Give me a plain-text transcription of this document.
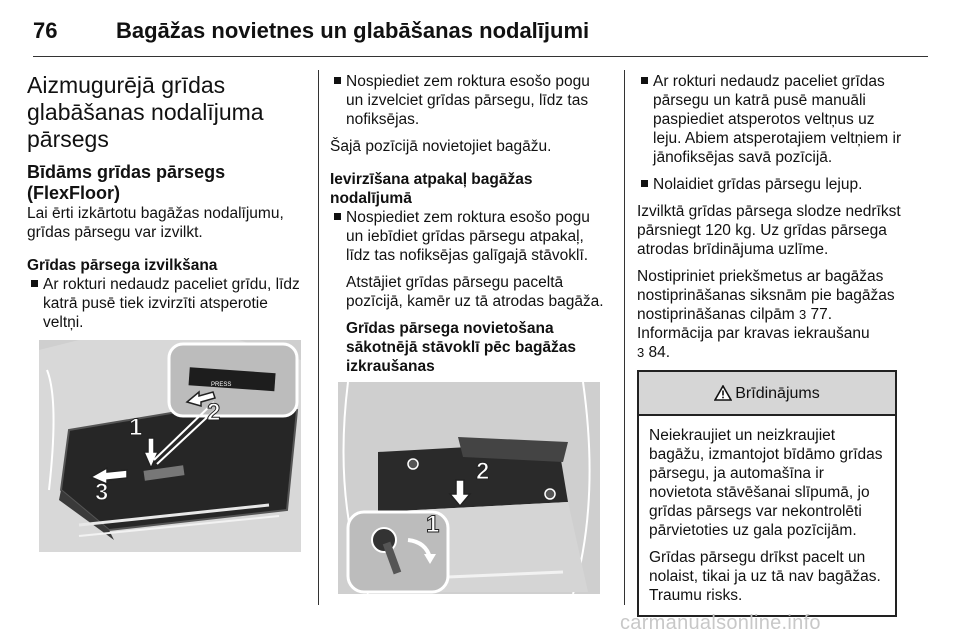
76	Bagāžas novietnes un glabāšanas nodalījumi
Aizmugurējā grīdas glabāšanas nodalījuma pārsegs
Bīdāms grīdas pārsegs (FlexFloor)

Lai ērti izkārtotu bagāžas nodalījumu, grīdas pārsegu var izvilkt.

Grīdas pārsega izvilkšana

Ar rokturi nedaudz paceliet grīdu, līdz katrā pusē tiek izvirzīti atsperotie veltņi.
PRESS
1
2
3
Nospiediet zem roktura esošo pogu un izvelciet grīdas pārsegu, līdz tas nofiksējas.

Šajā pozīcijā novietojiet bagāžu.

Ievirzīšana atpakaļ bagāžas nodalījumā

Nospiediet zem roktura esošo pogu un iebīdiet grīdas pārsegu atpakaļ, līdz tas nofiksējas galīgajā stāvoklī.

Atstājiet grīdas pārsegu paceltā pozīcijā, kamēr uz tā atrodas bagāža.

Grīdas pārsega novietošana sākotnējā stāvoklī pēc bagāžas izkraušanas

2
1
Ar rokturi nedaudz paceliet grīdas pārsegu un katrā pusē manuāli paspiediet atsperotos veltņus uz leju. Abiem atsperotajiem veltņiem ir jānofiksējas savā pozīcijā.
Nolaidiet grīdas pārsegu lejup.

Izvilktā grīdas pārsega slodze nedrīkst pārsniegt 120 kg. Uz grīdas pārsega atrodas brīdinājuma uzlīme.

Nostipriniet priekšmetus ar bagāžas nostiprināšanas siksnām pie bagāžas nostiprināšanas cilpām 3 77.

Informācija par kravas iekraušanu
3 84.

Brīdinājums

Neiekraujiet un neizkraujiet bagāžu, izmantojot bīdāmo grīdas pārsegu, ja automašīna ir novietota stāvēšanai slīpumā, jo grīdas pārsegs var nekontrolēti pārvietoties uz gala pozīcijām.

Grīdas pārsegu drīkst pacelt un nolaist, tikai ja uz tā nav bagāžas. Traumu risks.

carmanualsonline.info
